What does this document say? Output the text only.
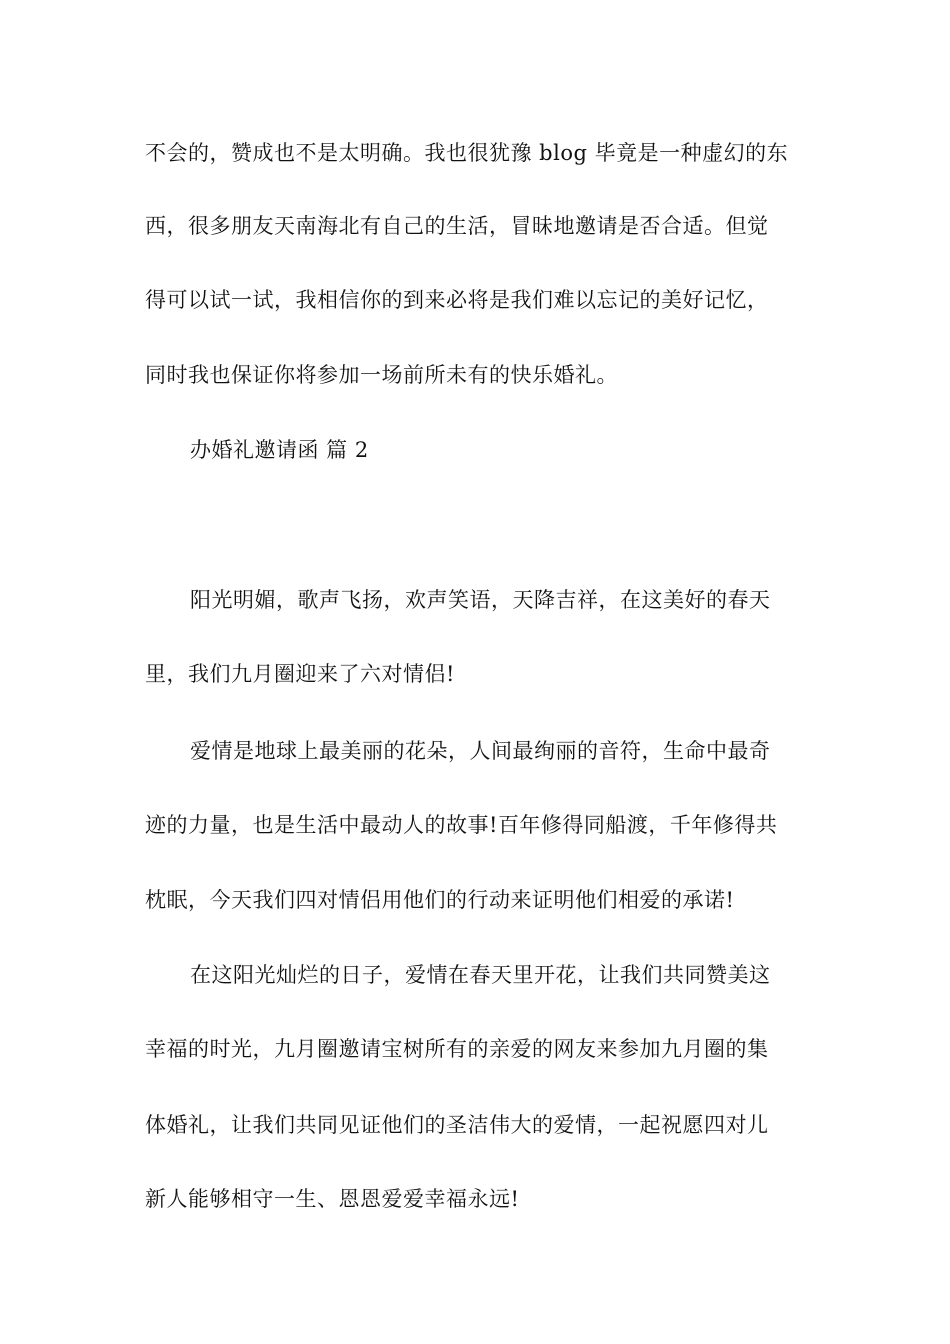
不会的，赞成也不是太明确。我也很犹豫 blog 毕竟是一种虚幻的东
西，很多朋友天南海北有自己的生活，冒昧地邀请是否合适。但觉
得可以试一试，我相信你的到来必将是我们难以忘记的美好记忆，
同时我也保证你将参加一场前所未有的快乐婚礼。
办婚礼邀请函 篇 2
阳光明媚，歌声飞扬，欢声笑语，天降吉祥，在这美好的春天
里，我们九月圈迎来了六对情侣!
爱情是地球上最美丽的花朵，人间最绚丽的音符，生命中最奇
迹的力量，也是生活中最动人的故事!百年修得同船渡，千年修得共
枕眠，今天我们四对情侣用他们的行动来证明他们相爱的承诺!
在这阳光灿烂的日子，爱情在春天里开花，让我们共同赞美这
幸福的时光，九月圈邀请宝树所有的亲爱的网友来参加九月圈的集
体婚礼，让我们共同见证他们的圣洁伟大的爱情，一起祝愿四对儿
新人能够相守一生、恩恩爱爱幸福永远!
